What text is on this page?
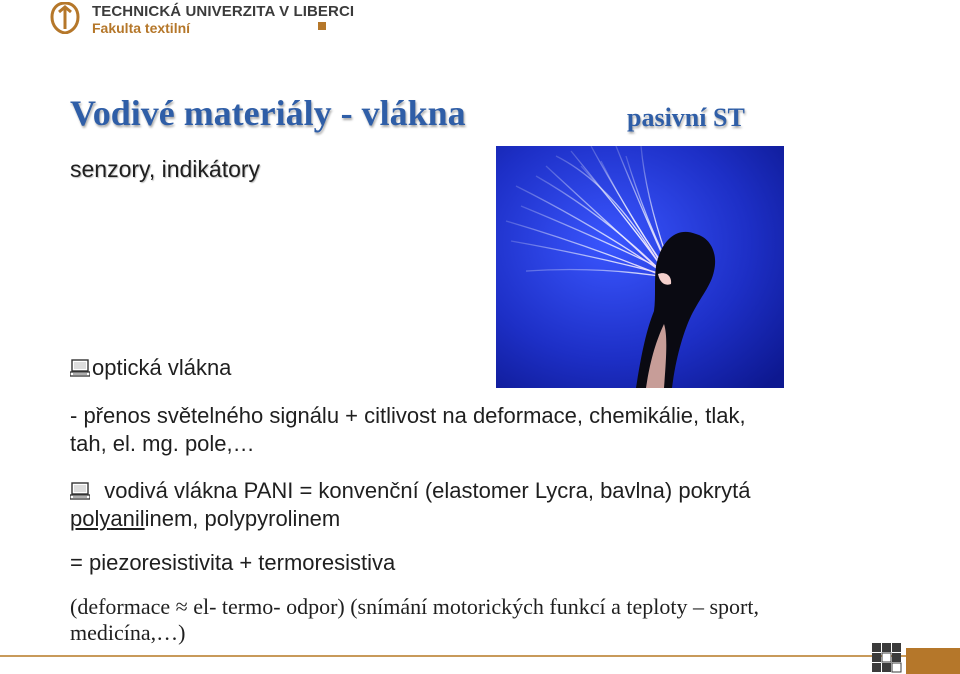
TECHNICKÁ UNIVERZITA V LIBERCI
Fakulta textilní
Vodivé materiály - vlákna	pasivní ST
senzory, indikátory
optická vlákna
- přenos světelného signálu + citlivost na deformace, chemikálie, tlak,
tah, el. mg. pole,…
vodivá vlákna PANI = konvenční (elastomer Lycra, bavlna) pokrytá
polyanilinem, polypyrolinem
= piezoresistivita + termoresistiva
(deformace ≈ el- termo- odpor) (snímání motorických funkcí a teploty – sport,
medicína,…)
